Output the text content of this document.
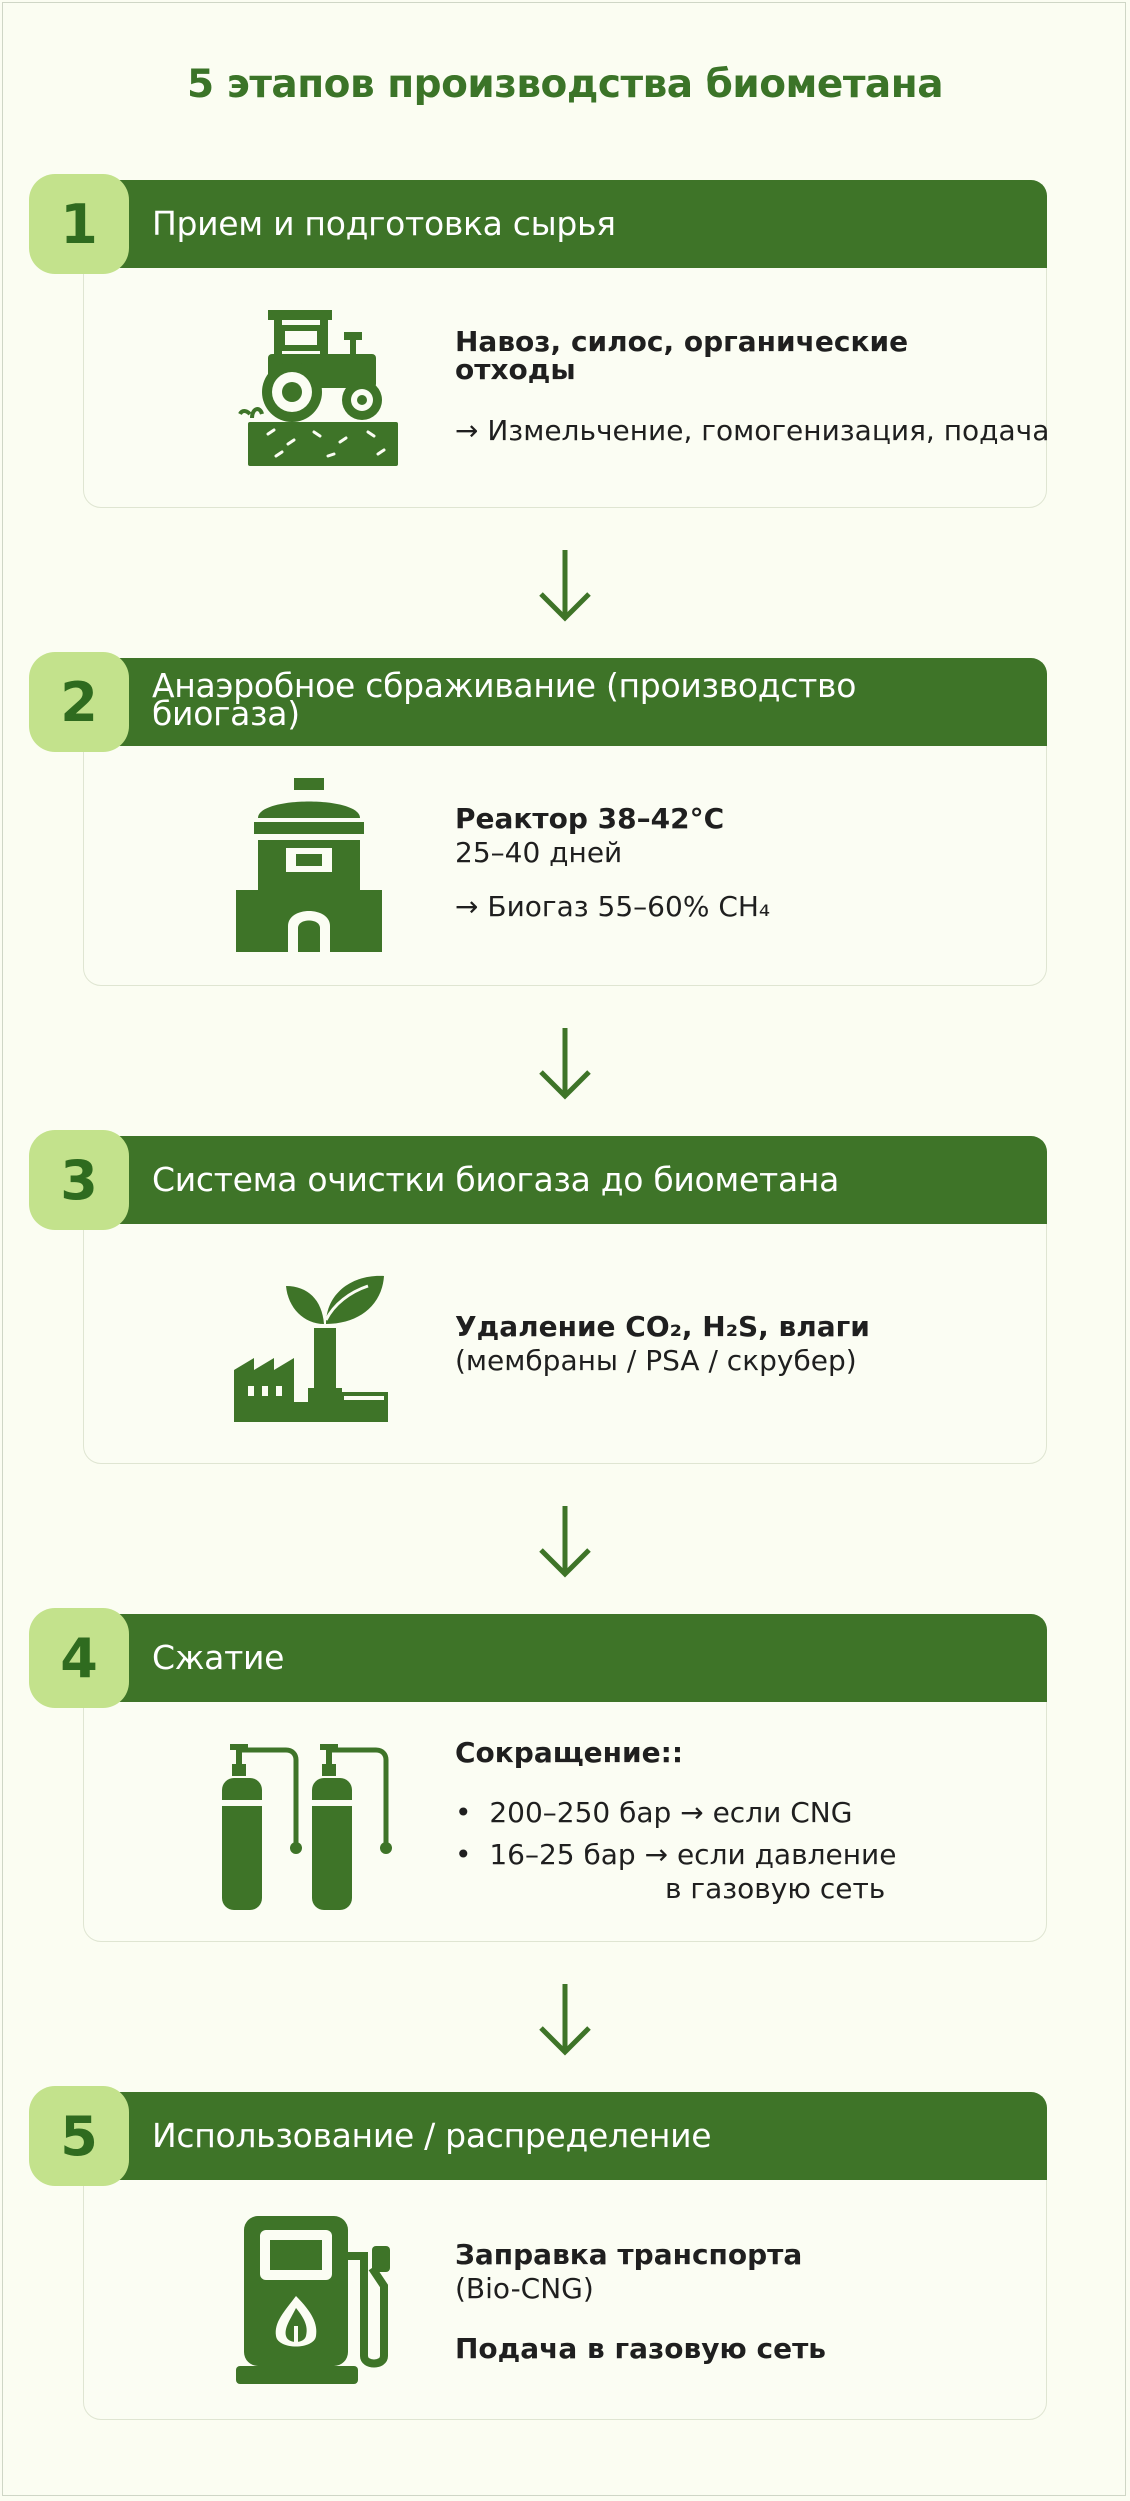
5 этапов производства биометана
Прием и подготовка сырья
1
Навоз, силос, органические
отходы
→ Измельчение, гомогенизация, подача
Анаэробное сбраживание (производство
биогаза)
2
Реактор 38–42°C
25–40 дней
→ Биогаз 55–60% CH₄
Система очистки биогаза до биометана
3
Удаление CO₂, H₂S, влаги
(мембраны / PSA / скрубер)
Сжатие
4
Сокращение::
•  200–250 бар → если CNG
•  16–25 бар → если давление
в газовую сеть
Использование / распределение
5
Заправка транспорта
(Bio-CNG)
Подача в газовую сеть
